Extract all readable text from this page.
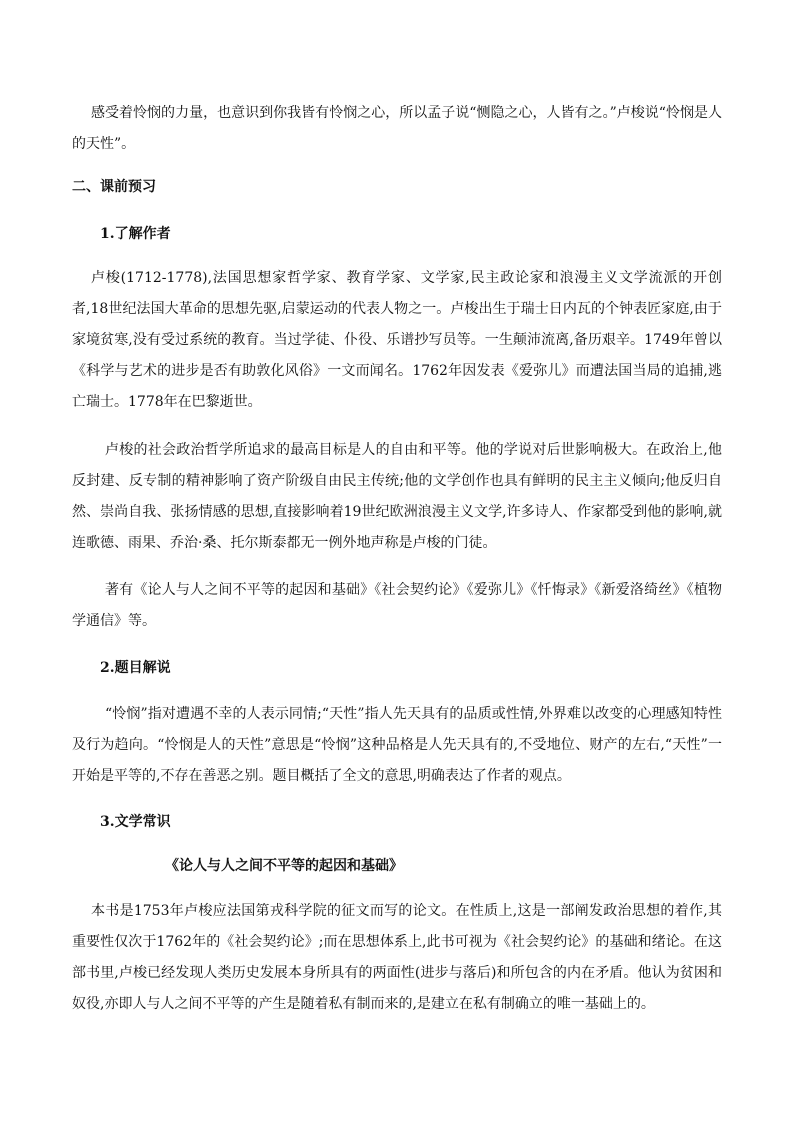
感受着怜悯的力量，也意识到你我皆有怜悯之心，所以孟子说“恻隐之心，人皆有之。”卢梭说“怜悯是人的天性”。

二、课前预习
1.了解作者

卢梭(1712-1778),法国思想家哲学家、教育学家、文学家,民主政论家和浪漫主义文学流派的开创者,18世纪法国大革命的思想先驱,启蒙运动的代表人物之一。卢梭出生于瑞士日内瓦的个钟表匠家庭,由于家境贫寒,没有受过系统的教育。当过学徒、仆役、乐谱抄写员等。一生颠沛流离,备历艰辛。1749年曾以《科学与艺术的进步是否有助敦化风俗》一文而闻名。1762年因发表《爱弥儿》而遭法国当局的追捕,逃亡瑞士。1778年在巴黎逝世。

卢梭的社会政治哲学所追求的最高目标是人的自由和平等。他的学说对后世影响极大。在政治上,他反封建、反专制的精神影响了资产阶级自由民主传统;他的文学创作也具有鲜明的民主主义倾向;他反归自然、崇尚自我、张扬情感的思想,直接影响着19世纪欧洲浪漫主义文学,许多诗人、作家都受到他的影响,就连歌德、雨果、乔治·桑、托尔斯泰都无一例外地声称是卢梭的门徒。

著有《论人与人之间不平等的起因和基础》《社会契约论》《爱弥儿》《忏悔录》《新爱洛绮丝》《植物学通信》等。

2.题目解说

“怜悯”指对遭遇不幸的人表示同情;“天性”指人先天具有的品质或性情,外界难以改变的心理感知特性及行为趋向。“怜悯是人的天性”意思是“怜悯”这种品格是人先天具有的,不受地位、财产的左右,“天性”一开始是平等的,不存在善恶之别。题目概括了全文的意思,明确表达了作者的观点。

3.文学常识
《论人与人之间不平等的起因和基础》

本书是1753年卢梭应法国第戎科学院的征文而写的论文。在性质上,这是一部阐发政治思想的着作,其重要性仅次于1762年的《社会契约论》;而在思想体系上,此书可视为《社会契约论》的基础和绪论。在这部书里,卢梭已经发现人类历史发展本身所具有的两面性(进步与落后)和所包含的内在矛盾。他认为贫困和奴役,亦即人与人之间不平等的产生是随着私有制而来的,是建立在私有制确立的唯一基础上的。
